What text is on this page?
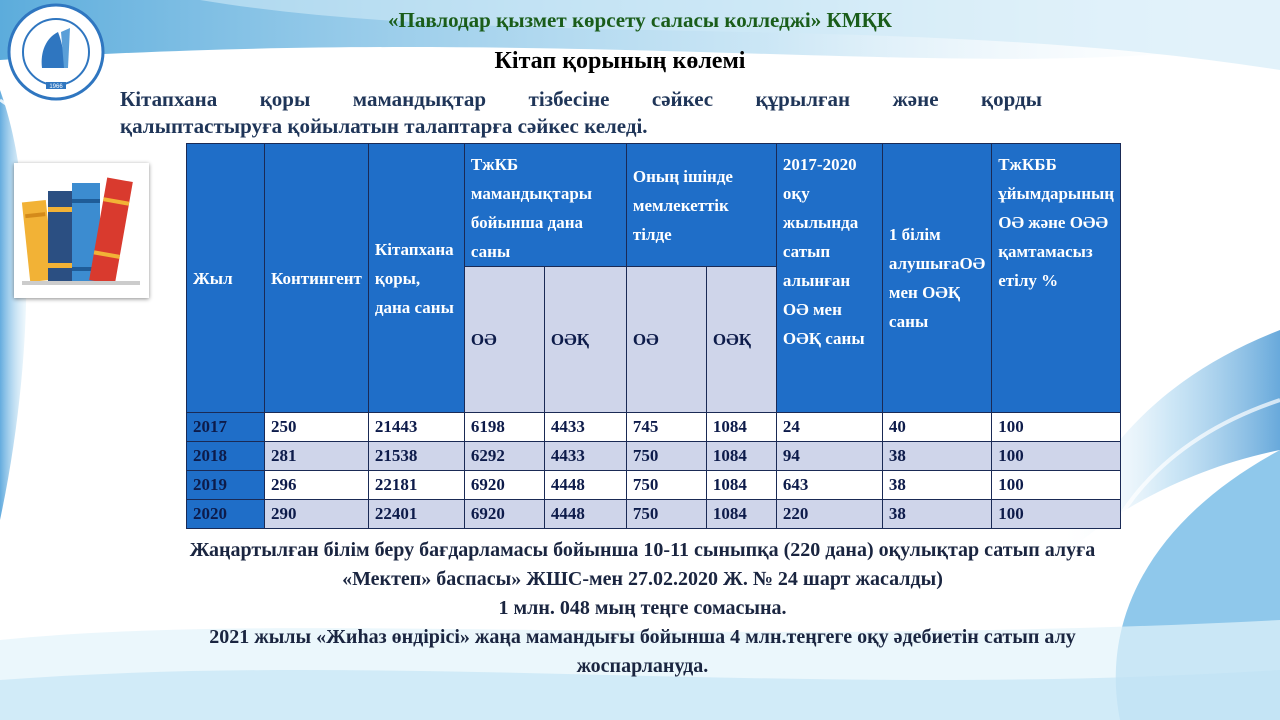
1966
«Павлодар қызмет көрсету саласы колледжі» КМҚК
Кітап қорының көлемі
Кітапхана қоры мамандықтар тізбесіне сәйкес құрылған және қорды
қалыптастыруға қойылатын талаптарға сәйкес келеді.
Жыл	Контингент	Кітапхана қоры, дана саны	ТжКБ мамандықтары бойынша дана саны		Оның ішінде мемлекеттік тілде		2017-2020 оқу жылында сатып алынған ОӘ мен ОӘҚ саны	1 білім алушығаОӘ мен ОӘҚ саны	ТжКББ ұйымдарының ОӘ және ОӘӘ қамтамасыз етілу %
			ОӘ	ОӘҚ	ОӘ	ОӘҚ			
2017	250	21443	6198	4433	745	1084	24	40	100
2018	281	21538	6292	4433	750	1084	94	38	100
2019	296	22181	6920	4448	750	1084	643	38	100
2020	290	22401	6920	4448	750	1084	220	38	100
Жаңартылған білім беру бағдарламасы бойынша 10-11 сыныпқа (220 дана) оқулықтар сатып алуға
«Мектеп» баспасы» ЖШС-мен 27.02.2020 Ж. № 24 шарт жасалды)
1 млн. 048 мың теңге сомасына.
2021 жылы «Жиһаз өндірісі» жаңа мамандығы бойынша 4 млн.теңгеге оқу әдебиетін сатып алу
жоспарлануда.
